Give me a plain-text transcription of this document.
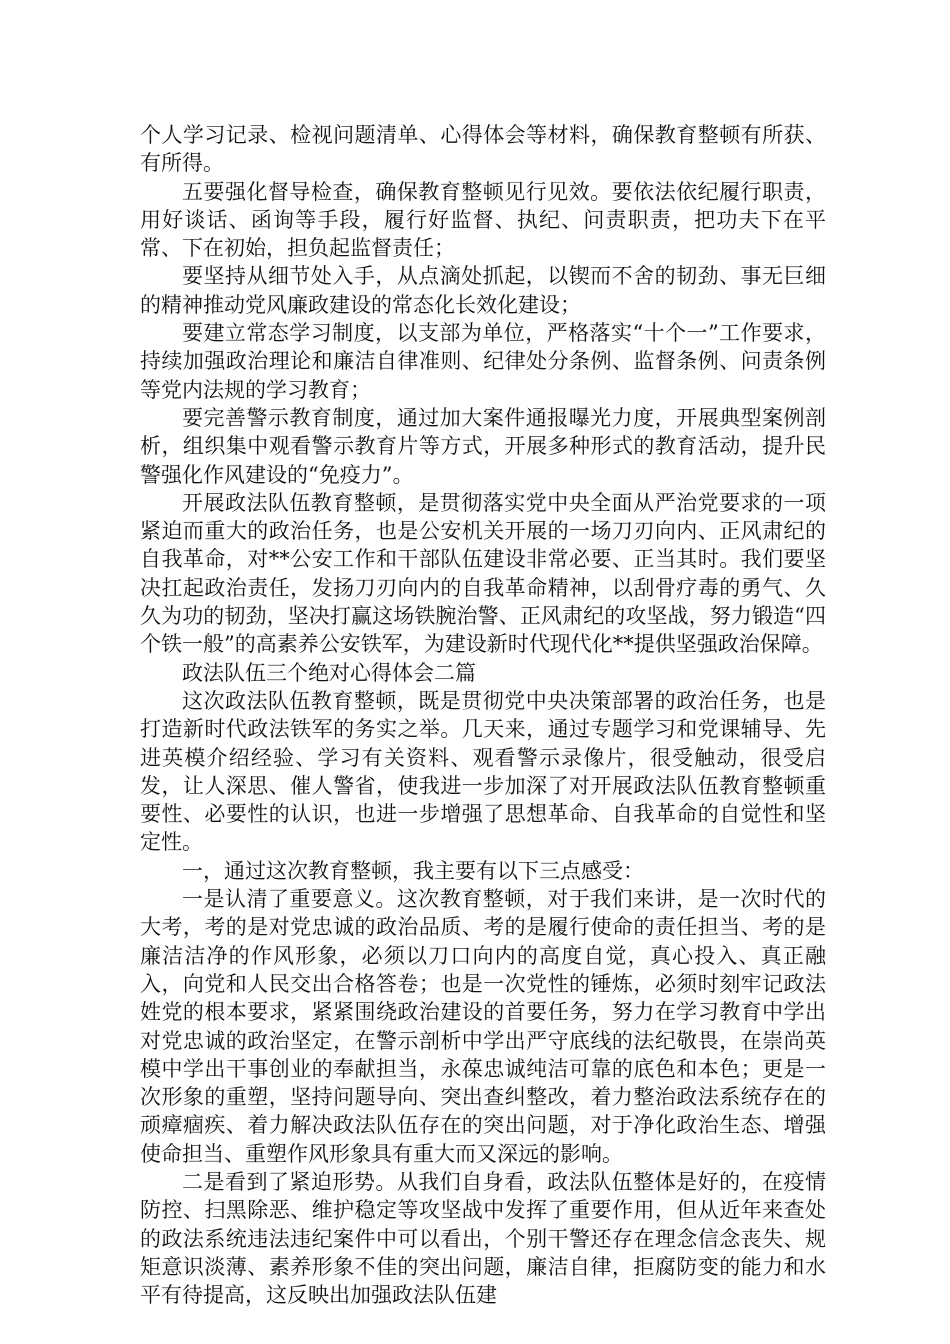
个人学习记录、检视问题清单、心得体会等材料，确保教育整顿有所获、有所得。

五要强化督导检查，确保教育整顿见行见效。要依法依纪履行职责，用好谈话、函询等手段，履行好监督、执纪、问责职责，把功夫下在平常、下在初始，担负起监督责任；

要坚持从细节处入手，从点滴处抓起，以锲而不舍的韧劲、事无巨细的精神推动党风廉政建设的常态化长效化建设；

要建立常态学习制度，以支部为单位，严格落实“十个一”工作要求，持续加强政治理论和廉洁自律准则、纪律处分条例、监督条例、问责条例等党内法规的学习教育；

要完善警示教育制度，通过加大案件通报曝光力度，开展典型案例剖析，组织集中观看警示教育片等方式，开展多种形式的教育活动，提升民警强化作风建设的“免疫力”。

开展政法队伍教育整顿，是贯彻落实党中央全面从严治党要求的一项紧迫而重大的政治任务，也是公安机关开展的一场刀刃向内、正风肃纪的自我革命，对**公安工作和干部队伍建设非常必要、正当其时。我们要坚决扛起政治责任，发扬刀刃向内的自我革命精神，以刮骨疗毒的勇气、久久为功的韧劲，坚决打赢这场铁腕治警、正风肃纪的攻坚战，努力锻造“四个铁一般”的高素养公安铁军，为建设新时代现代化**提供坚强政治保障。

政法队伍三个绝对心得体会二篇

这次政法队伍教育整顿，既是贯彻党中央决策部署的政治任务，也是打造新时代政法铁军的务实之举。几天来，通过专题学习和党课辅导、先进英模介绍经验、学习有关资料、观看警示录像片，很受触动，很受启发，让人深思、催人警省，使我进一步加深了对开展政法队伍教育整顿重要性、必要性的认识，也进一步增强了思想革命、自我革命的自觉性和坚定性。

一，通过这次教育整顿，我主要有以下三点感受：

一是认清了重要意义。这次教育整顿，对于我们来讲，是一次时代的大考，考的是对党忠诚的政治品质、考的是履行使命的责任担当、考的是廉洁洁净的作风形象，必须以刀口向内的高度自觉，真心投入、真正融入，向党和人民交出合格答卷；也是一次党性的锤炼，必须时刻牢记政法姓党的根本要求，紧紧围绕政治建设的首要任务，努力在学习教育中学出对党忠诚的政治坚定，在警示剖析中学出严守底线的法纪敬畏，在崇尚英模中学出干事创业的奉献担当，永葆忠诚纯洁可靠的底色和本色；更是一次形象的重塑，坚持问题导向、突出查纠整改，着力整治政法系统存在的顽瘴痼疾、着力解决政法队伍存在的突出问题，对于净化政治生态、增强使命担当、重塑作风形象具有重大而又深远的影响。

二是看到了紧迫形势。从我们自身看，政法队伍整体是好的，在疫情防控、扫黑除恶、维护稳定等攻坚战中发挥了重要作用，但从近年来查处的政法系统违法违纪案件中可以看出，个别干警还存在理念信念丧失、规矩意识淡薄、素养形象不佳的突出问题，廉洁自律，拒腐防变的能力和水平有待提高，这反映出加强政法队伍建
